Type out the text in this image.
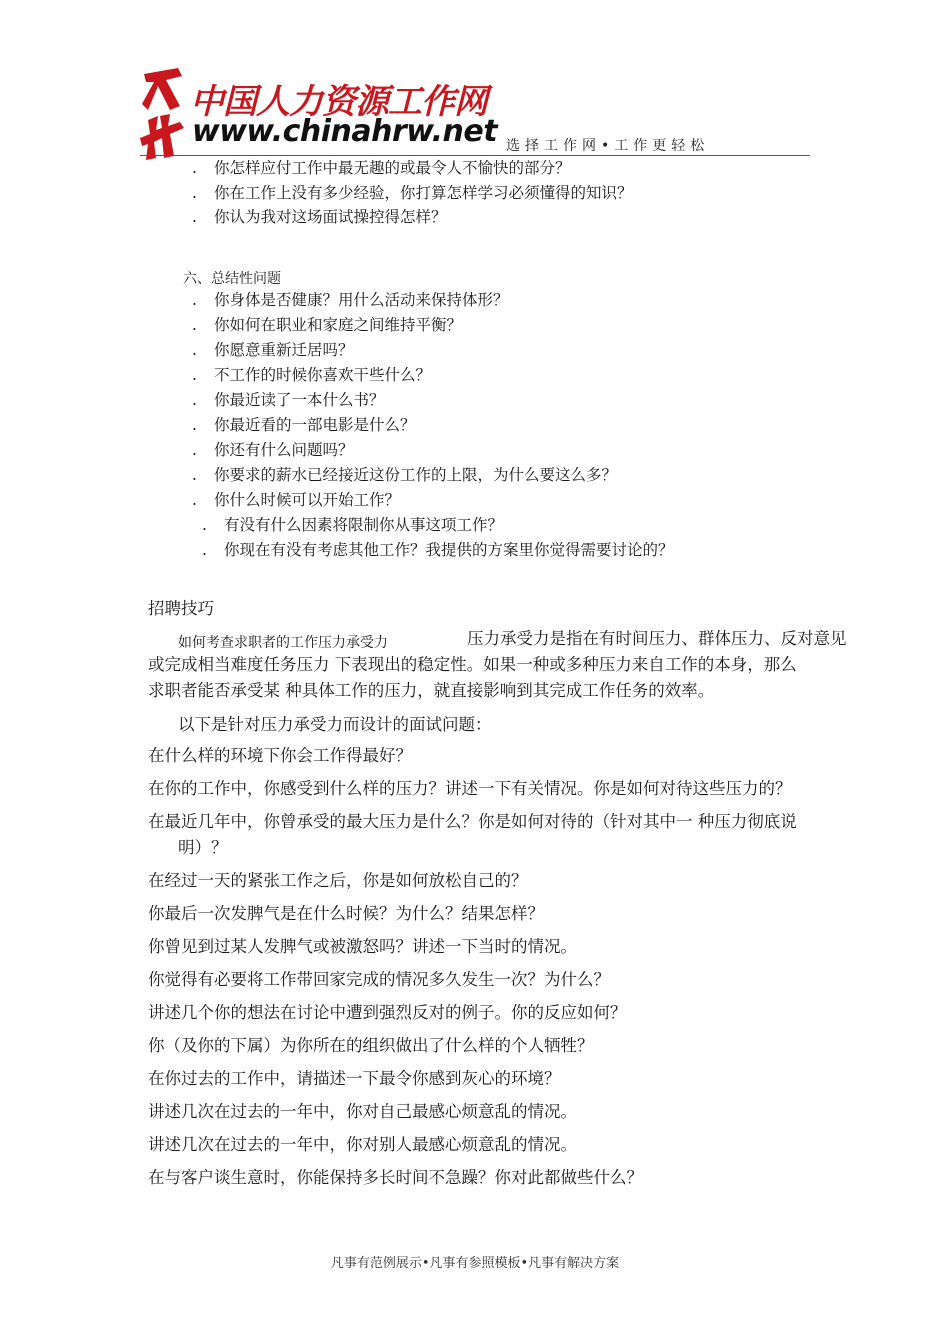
中国人力资源工作网
www.chinahrw.net 选择工作网•工作更轻松
. 你怎样应付工作中最无趣的或最令人不愉快的部分？
. 你在工作上没有多少经验，你打算怎样学习必须懂得的知识？
. 你认为我对这场面试操控得怎样？
六、总结性问题
. 你身体是否健康？用什么活动来保持体形？
. 你如何在职业和家庭之间维持平衡？
. 你愿意重新迁居吗？
. 不工作的时候你喜欢干些什么？
. 你最近读了一本什么书？
. 你最近看的一部电影是什么？
. 你还有什么问题吗？
. 你要求的薪水已经接近这份工作的上限，为什么要这么多？
. 你什么时候可以开始工作？
. 有没有什么因素将限制你从事这项工作？
. 你现在有没有考虑其他工作？我提供的方案里你觉得需要讨论的？
招聘技巧
如何考查求职者的工作压力承受力	压力承受力是指在有时间压力、群体压力、反对意见
或完成相当难度任务压力 下表现出的稳定性。如果一种或多种压力来自工作的本身，那么
求职者能否承受某 种具体工作的压力，就直接影响到其完成工作任务的效率。
以下是针对压力承受力而设计的面试问题：
在什么样的环境下你会工作得最好？
在你的工作中，你感受到什么样的压力？讲述一下有关情况。你是如何对待这些压力的？
在最近几年中，你曾承受的最大压力是什么？你是如何对待的（针对其中一 种压力彻底说
明）？
在经过一天的紧张工作之后，你是如何放松自己的？
你最后一次发脾气是在什么时候？为什么？结果怎样？
你曾见到过某人发脾气或被激怒吗？讲述一下当时的情况。
你觉得有必要将工作带回家完成的情况多久发生一次？为什么？
讲述几个你的想法在讨论中遭到强烈反对的例子。你的反应如何？
你（及你的下属）为你所在的组织做出了什么样的个人牺牲？
在你过去的工作中，请描述一下最令你感到灰心的环境？
讲述几次在过去的一年中，你对自己最感心烦意乱的情况。
讲述几次在过去的一年中，你对别人最感心烦意乱的情况。
在与客户谈生意时，你能保持多长时间不急躁？你对此都做些什么？
凡事有范例展示•凡事有参照模板•凡事有解决方案
